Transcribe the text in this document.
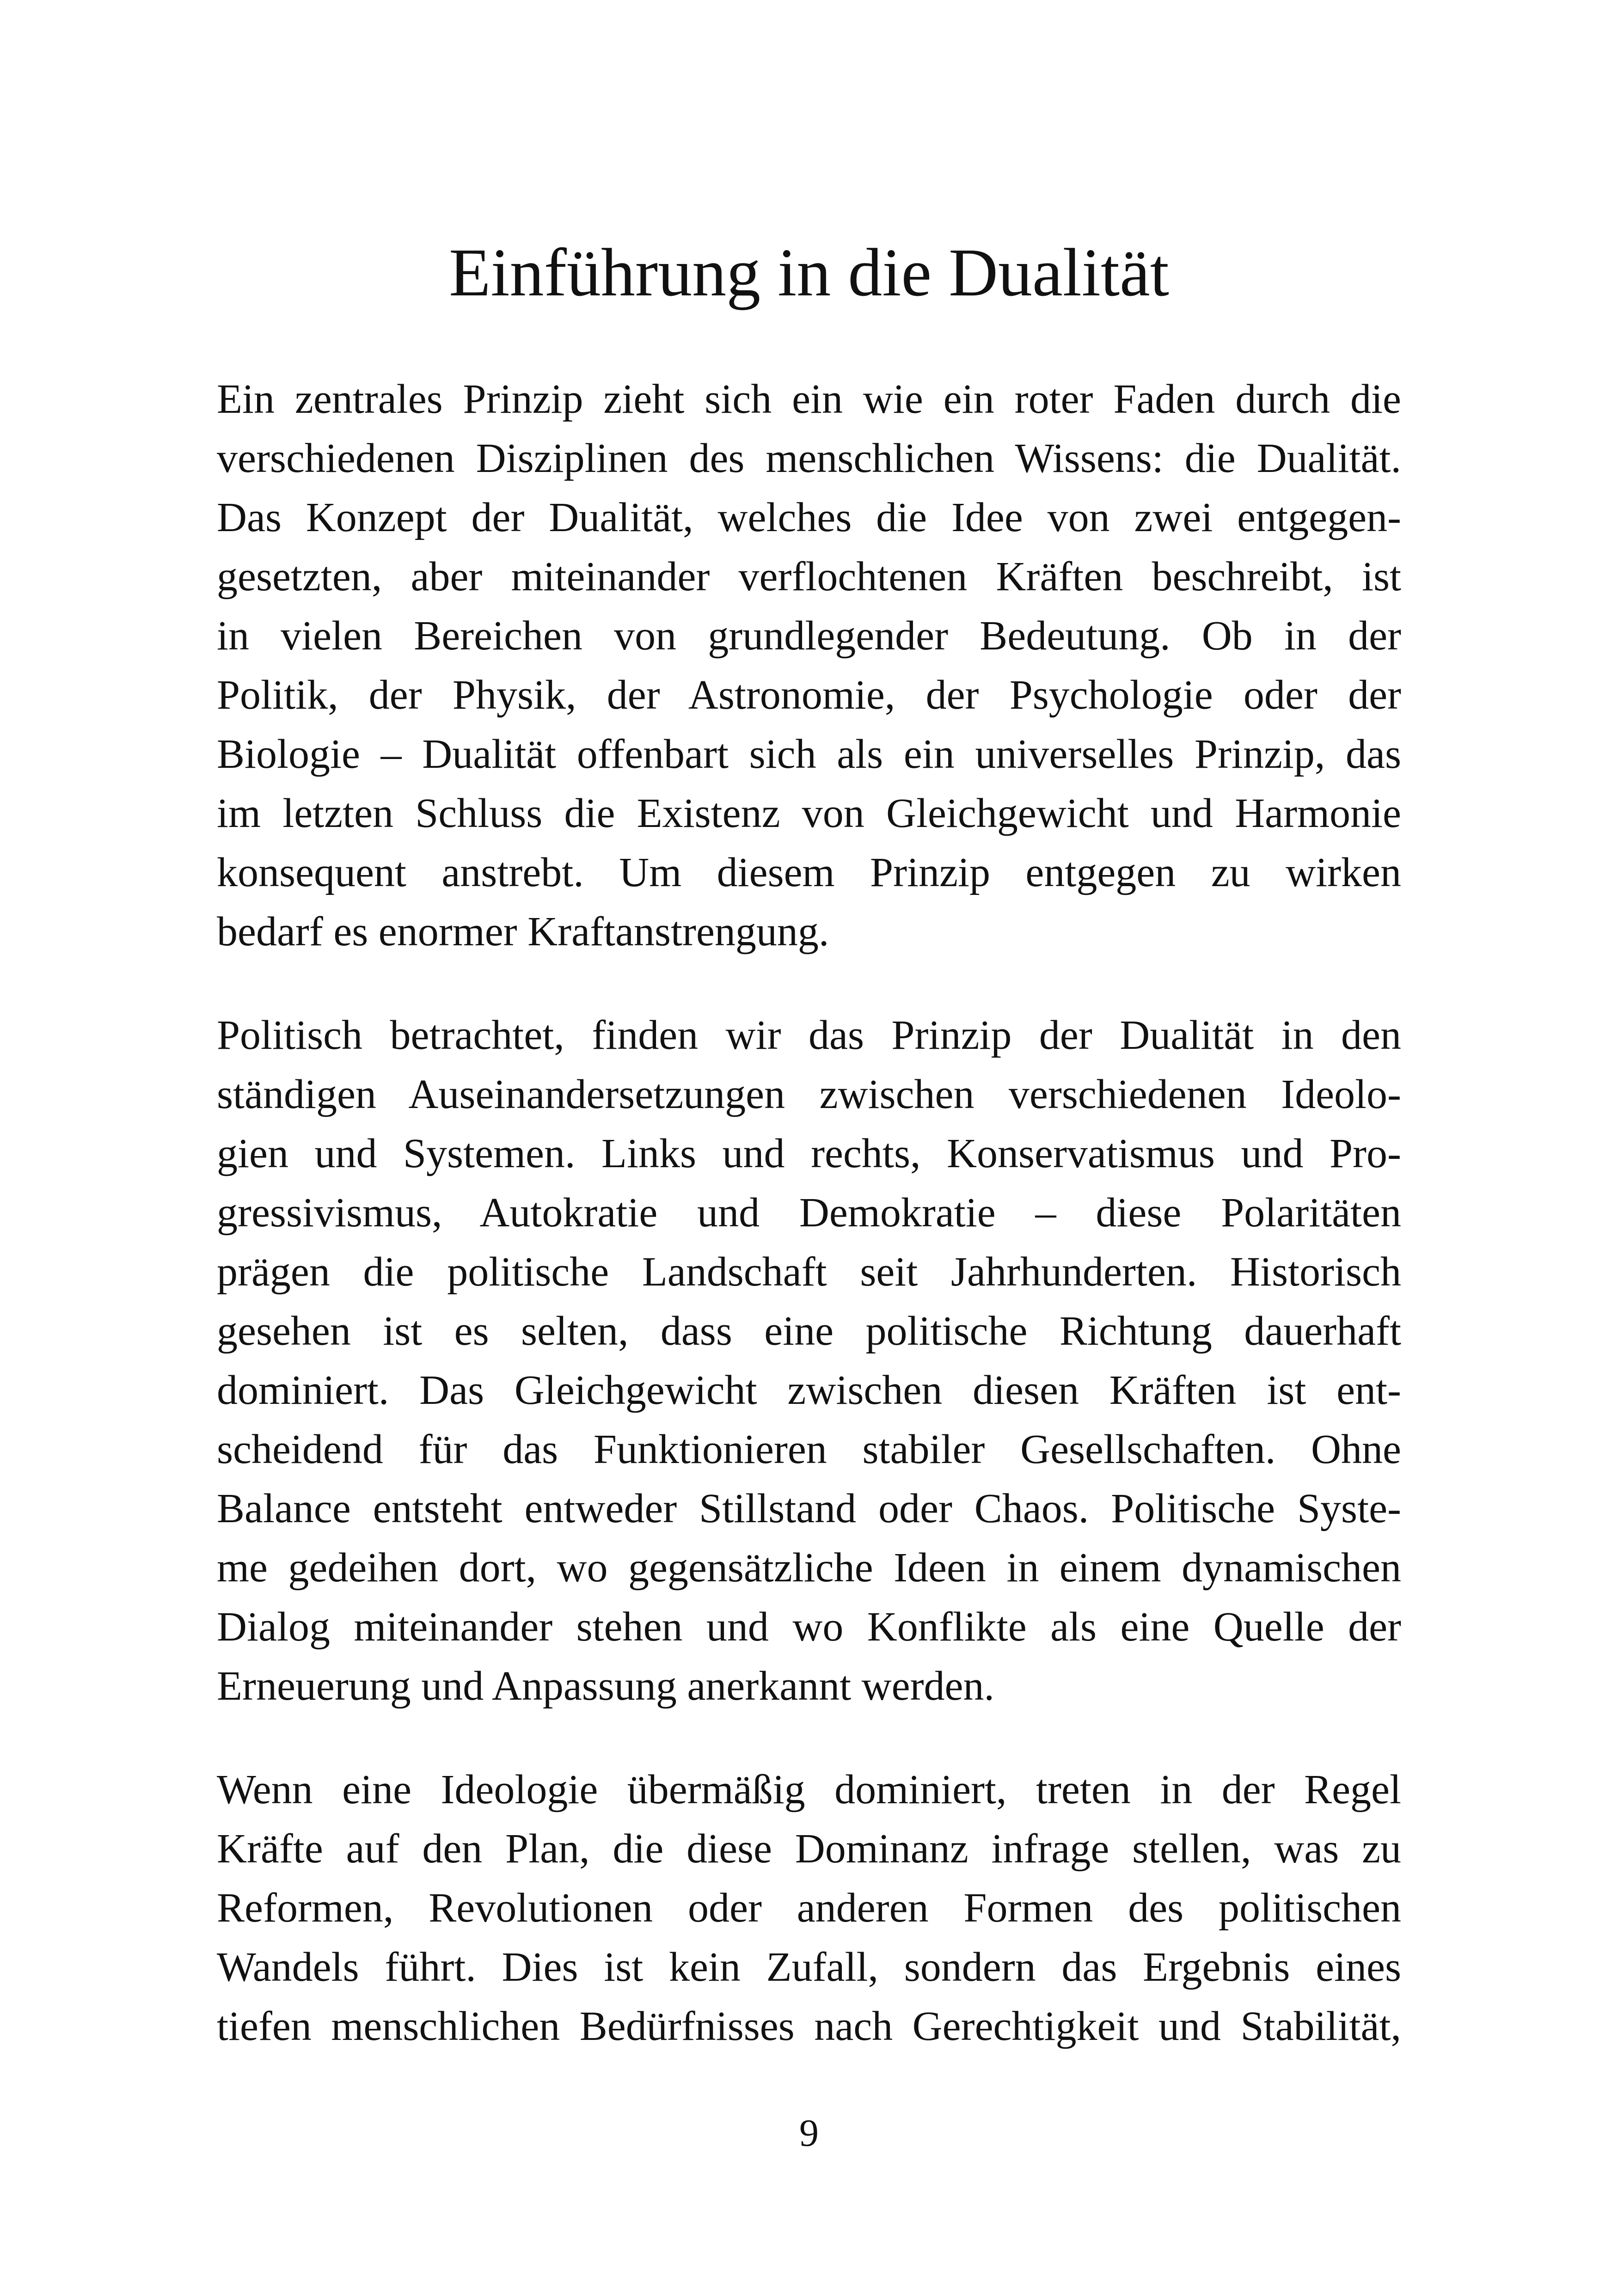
Einführung in die Dualität

Ein zentrales Prinzip zieht sich ein wie ein roter Faden durch die
verschiedenen Disziplinen des menschlichen Wissens: die Dualität.
Das Konzept der Dualität, welches die Idee von zwei entgegen-
gesetzten, aber miteinander verflochtenen Kräften beschreibt, ist
in vielen Bereichen von grundlegender Bedeutung. Ob in der
Politik, der Physik, der Astronomie, der Psychologie oder der
Biologie – Dualität offenbart sich als ein universelles Prinzip, das
im letzten Schluss die Existenz von Gleichgewicht und Harmonie
konsequent anstrebt. Um diesem Prinzip entgegen zu wirken
bedarf es enormer Kraftanstrengung.

Politisch betrachtet, finden wir das Prinzip der Dualität in den
ständigen Auseinandersetzungen zwischen verschiedenen Ideolo-
gien und Systemen. Links und rechts, Konservatismus und Pro-
gressivismus, Autokratie und Demokratie – diese Polaritäten
prägen die politische Landschaft seit Jahrhunderten. Historisch
gesehen ist es selten, dass eine politische Richtung dauerhaft
dominiert. Das Gleichgewicht zwischen diesen Kräften ist ent-
scheidend für das Funktionieren stabiler Gesellschaften. Ohne
Balance entsteht entweder Stillstand oder Chaos. Politische Syste-
me gedeihen dort, wo gegensätzliche Ideen in einem dynamischen
Dialog miteinander stehen und wo Konflikte als eine Quelle der
Erneuerung und Anpassung anerkannt werden.

Wenn eine Ideologie übermäßig dominiert, treten in der Regel
Kräfte auf den Plan, die diese Dominanz infrage stellen, was zu
Reformen, Revolutionen oder anderen Formen des politischen
Wandels führt. Dies ist kein Zufall, sondern das Ergebnis eines
tiefen menschlichen Bedürfnisses nach Gerechtigkeit und Stabilität,

9
